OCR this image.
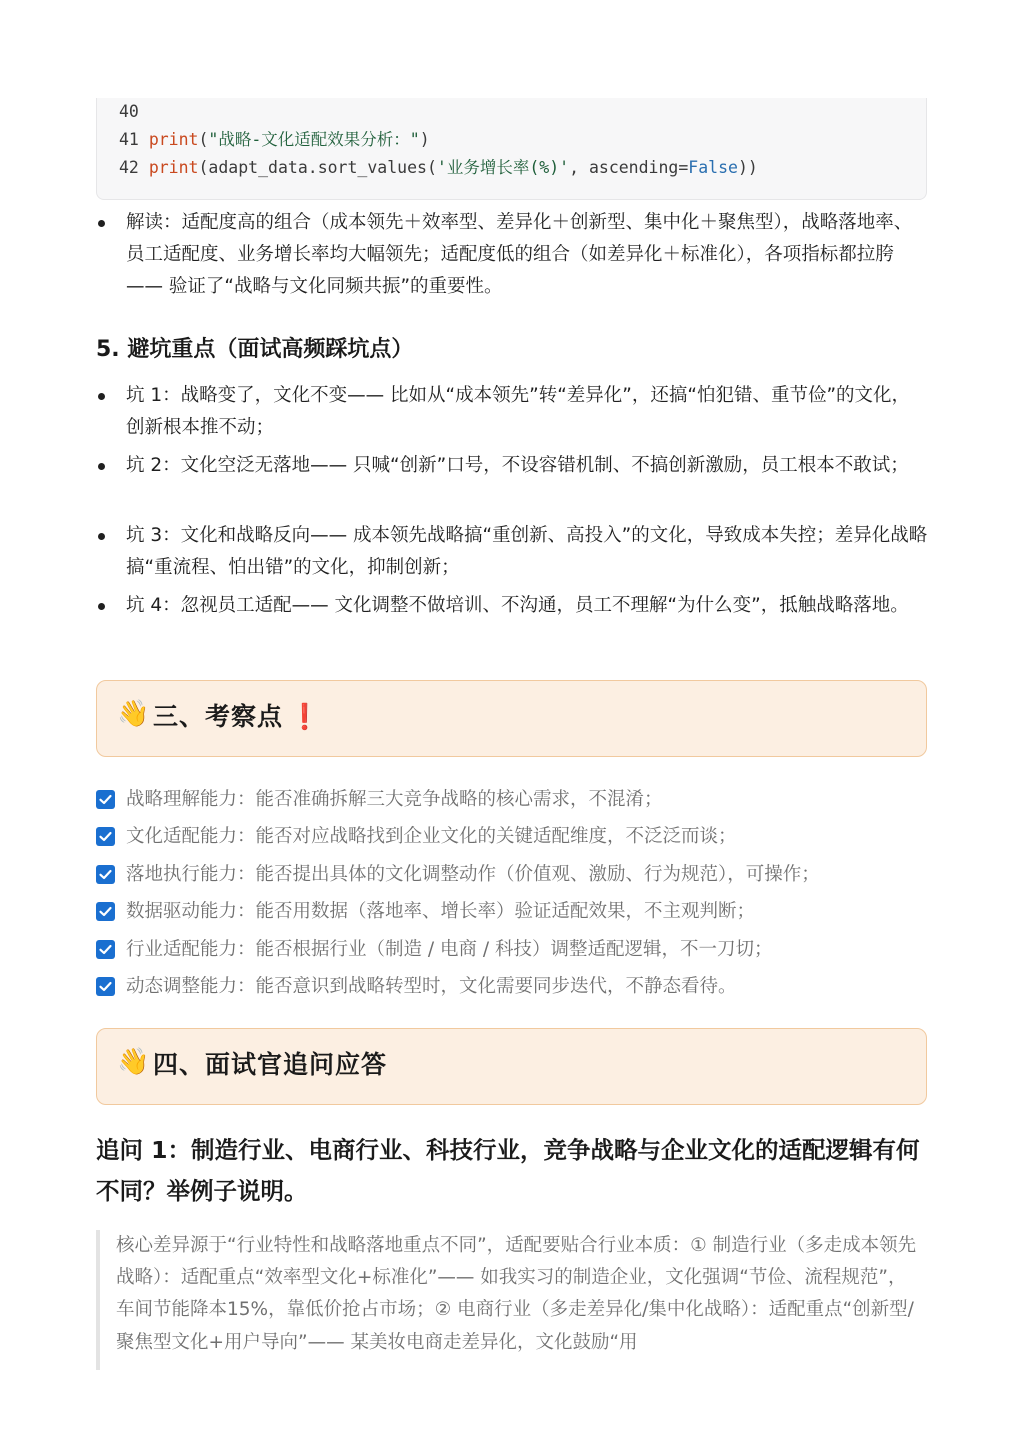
40
41 print("战略-文化适配效果分析：")
42 print(adapt_data.sort_values('业务增长率(%)', ascending=False))
解读：适配度高的组合（成本领先＋效率型、差异化＋创新型、集中化＋聚焦型），战略落地率、员工适配度、业务增长率均大幅领先；适配度低的组合（如差异化＋标准化），各项指标都拉胯—— 验证了“战略与文化同频共振”的重要性。
5. 避坑重点（面试高频踩坑点）
坑 1：战略变了，文化不变—— 比如从“成本领先”转“差异化”，还搞“怕犯错、重节俭”的文化，创新根本推不动；
坑 2：文化空泛无落地—— 只喊“创新”口号，不设容错机制、不搞创新激励，员工根本不敢试；
坑 3：文化和战略反向—— 成本领先战略搞“重创新、高投入”的文化，导致成本失控；差异化战略搞“重流程、怕出错”的文化，抑制创新；
坑 4：忽视员工适配—— 文化调整不做培训、不沟通，员工不理解“为什么变”，抵触战略落地。
👋 三、考察点 ❗
战略理解能力：能否准确拆解三大竞争战略的核心需求，不混淆；
文化适配能力：能否对应战略找到企业文化的关键适配维度，不泛泛而谈；
落地执行能力：能否提出具体的文化调整动作（价值观、激励、行为规范），可操作；
数据驱动能力：能否用数据（落地率、增长率）验证适配效果，不主观判断；
行业适配能力：能否根据行业（制造 / 电商 / 科技）调整适配逻辑，不一刀切；
动态调整能力：能否意识到战略转型时，文化需要同步迭代，不静态看待。
👋 四、面试官追问应答
追问 1：制造行业、电商行业、科技行业，竞争战略与企业文化的适配逻辑有何不同？举例子说明。
核心差异源于“行业特性和战略落地重点不同”，适配要贴合行业本质：① 制造行业（多走成本领先战略）：适配重点“效率型文化+标准化”—— 如我实习的制造企业，文化强调“节俭、流程规范”，车间节能降本15%，靠低价抢占市场；② 电商行业（多走差异化/集中化战略）：适配重点“创新型/聚焦型文化+用户导向”—— 某美妆电商走差异化，文化鼓励“用
